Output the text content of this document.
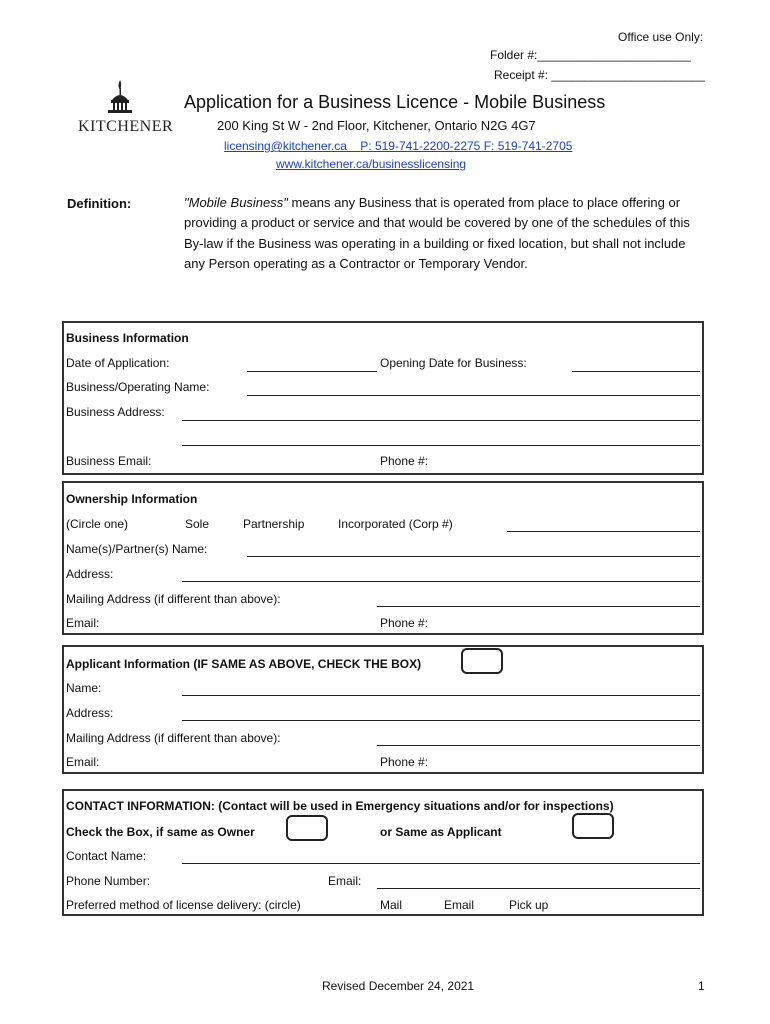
Office use Only:
Folder #:_______________________
Receipt #: _______________________
KITCHENER
Application for a Business Licence - Mobile Business
200 King St W - 2nd Floor, Kitchener, Ontario N2G 4G7
licensing@kitchener.ca P: 519-741-2200-2275 F: 519-741-2705
www.kitchener.ca/businesslicensing
Definition:	"Mobile Business" means any Business that is operated from place to place offering or providing a product or service and that would be covered by one of the schedules of this By-law if the Business was operating in a building or fixed location, but shall not include any Person operating as a Contractor or Temporary Vendor.
Business Information
Date of Application:	Opening Date for Business:
Business/Operating Name:
Business Address:
Business Email:	Phone #:
Ownership Information
(Circle one)	Sole	Partnership	Incorporated (Corp #)
Name(s)/Partner(s) Name:
Address:
Mailing Address (if different than above):
Email:	Phone #:
Applicant Information (IF SAME AS ABOVE, CHECK THE BOX)
Name:
Address:
Mailing Address (if different than above):
Email:	Phone #:
CONTACT INFORMATION: (Contact will be used in Emergency situations and/or for inspections)
Check the Box, if same as Owner	or Same as Applicant
Contact Name:
Phone Number:	Email:
Preferred method of license delivery: (circle)	Mail	Email	Pick up
Revised December 24, 2021	1
